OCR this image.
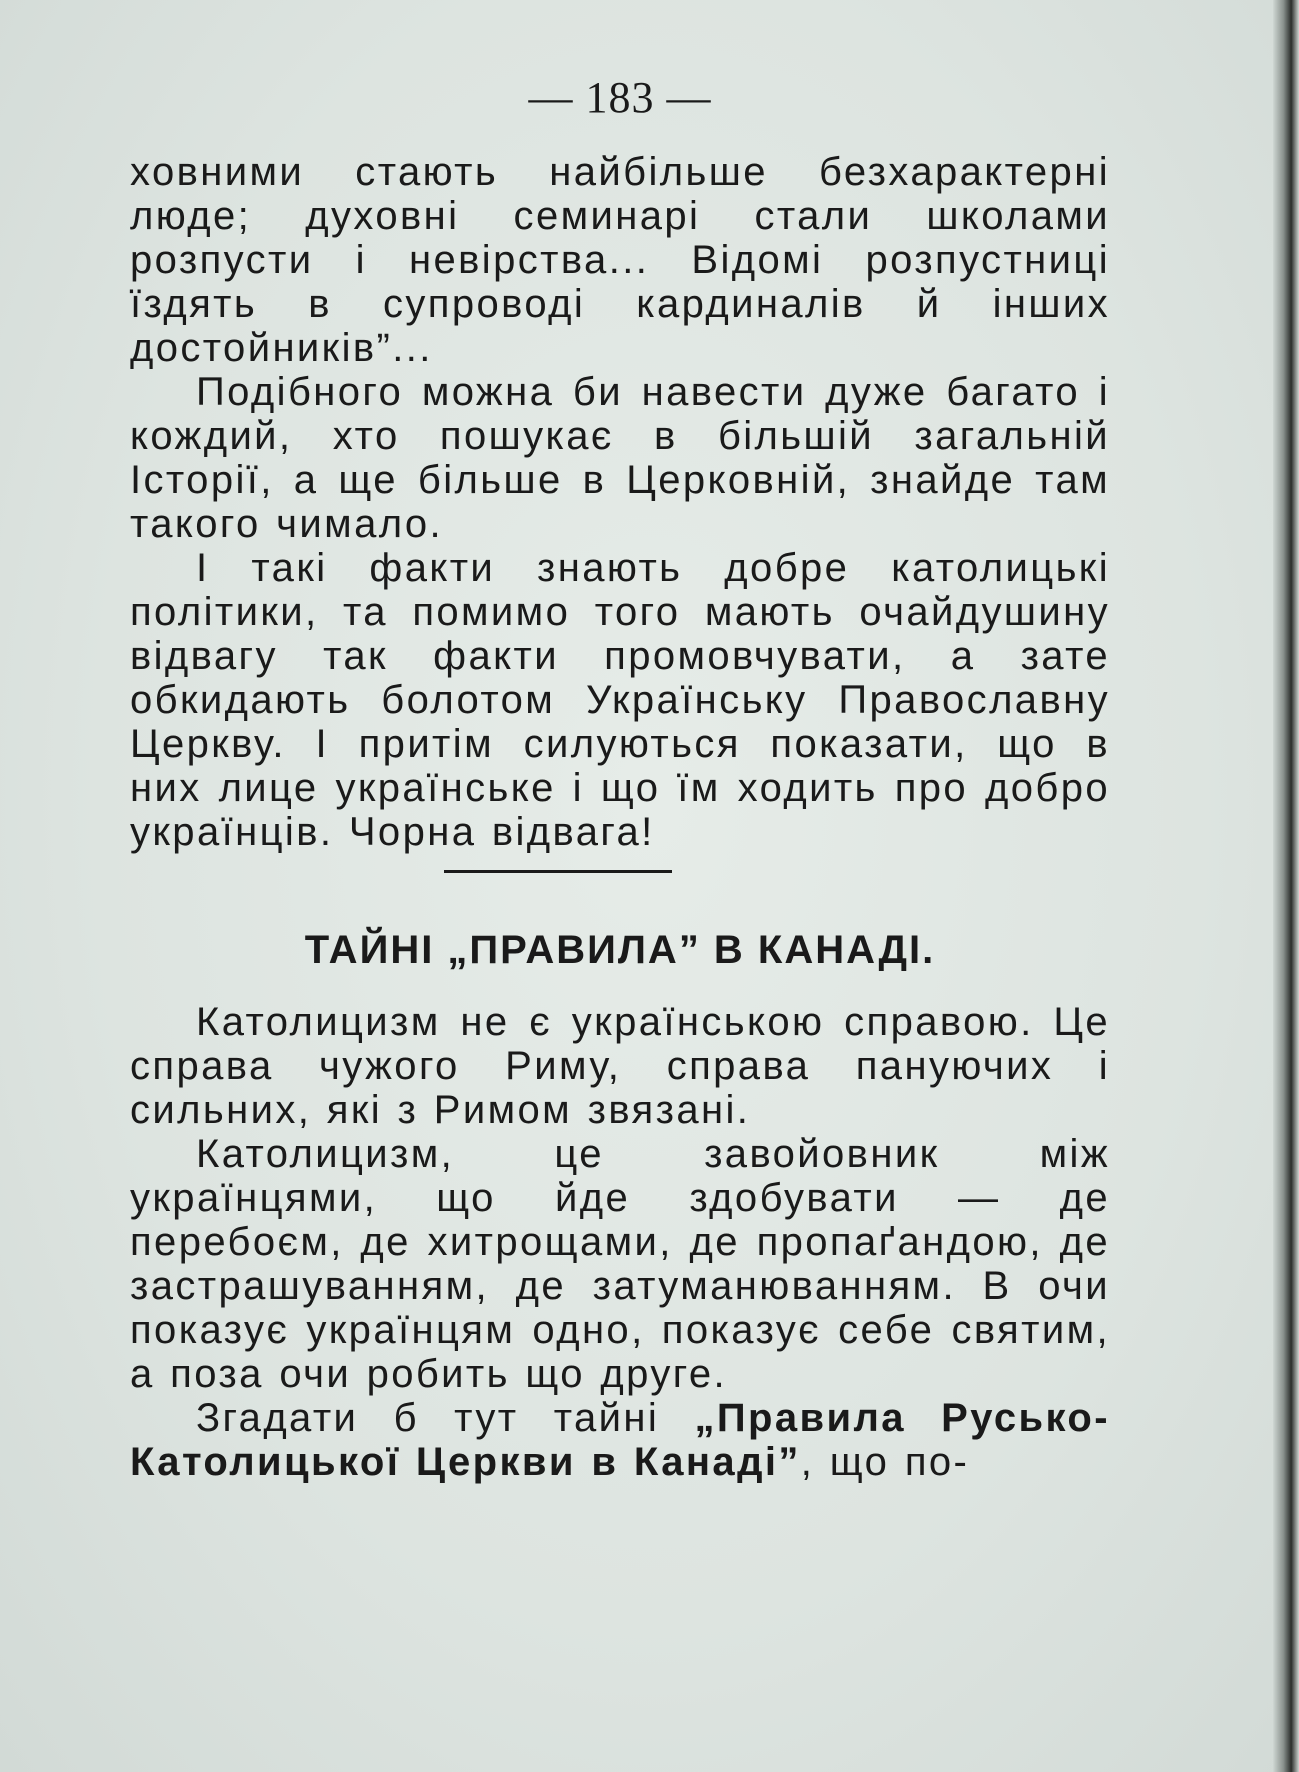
— 183 —

ховними стають найбільше безхарактерні люде; духовні семинарі стали школами розпусти і невірства... Відомі розпустниці їздять в супроводі кардиналів й інших достойників”...

Подібного можна би навести дуже багато і кождий, хто пошукає в більшій загальній Історії, а ще більше в Церковній, знайде там такого чимало.

І такі факти знають добре католицькі політики, та помимо того мають очайдушину відвагу так факти промовчувати, а зате обкидають болотом Українську Православну Церкву. І притім силуються показати, що в них лице українське і що їм ходить про добро українців. Чорна відвага!

ТАЙНІ „ПРАВИЛА” В КАНАДІ.

Католицизм не є українською справою. Це справа чужого Риму, справа пануючих і сильних, які з Римом звязані.

Католицизм, це завойовник між українцями, що йде здобувати — де перебоєм, де хитрощами, де пропаґандою, де застрашуванням, де затуманюванням. В очи показує українцям одно, показує себе святим, а поза очи робить що друге.

Згадати б тут тайні „Правила Русько-Католицької Церкви в Канаді”, що по-
